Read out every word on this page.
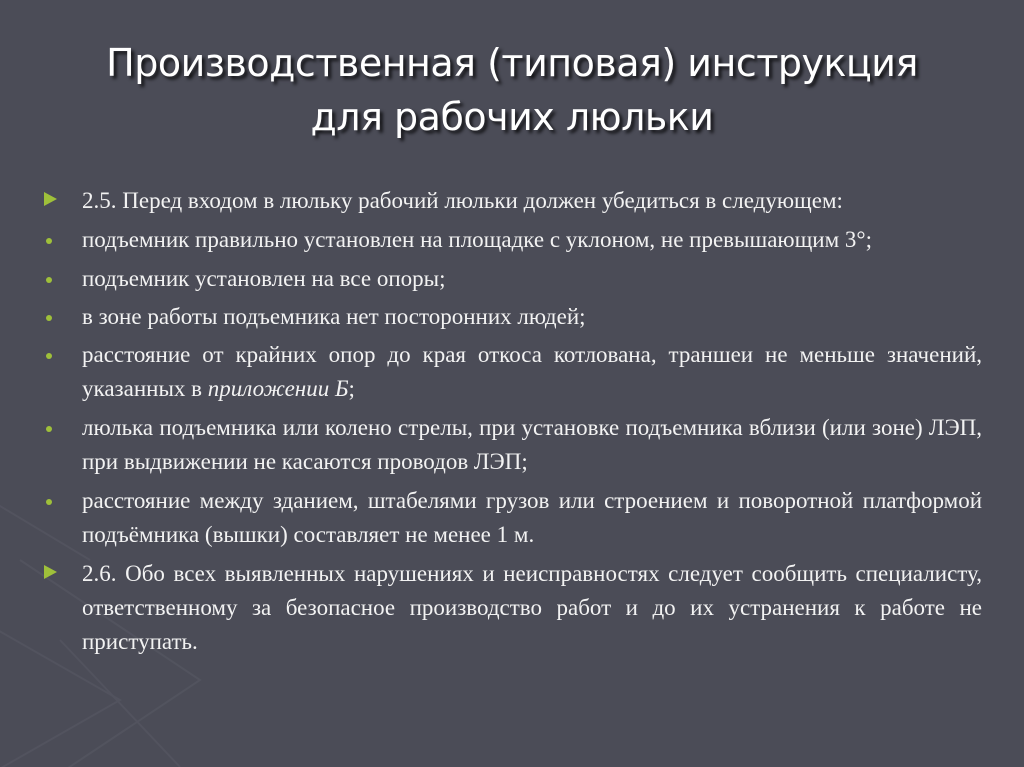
Производственная (типовая) инструкция
для рабочих люльки
2.5. Перед входом в люльку рабочий люльки должен убедиться в следующем:
подъемник правильно установлен на площадке с уклоном, не превышающим 3°;
подъемник установлен на все опоры;
в зоне работы подъемника нет посторонних людей;
расстояние от крайних опор до края откоса котлована, траншеи не меньше значений, указанных в приложении Б;
люлька подъемника или колено стрелы, при установке подъемника вблизи (или зоне) ЛЭП, при выдвижении не касаются проводов ЛЭП;
расстояние между зданием, штабелями грузов или строением и поворотной платформой подъёмника (вышки) составляет не менее 1 м.
2.6. Обо всех выявленных нарушениях и неисправностях следует сообщить специалисту, ответственному за безопасное производство работ и до их устранения к работе не приступать.
